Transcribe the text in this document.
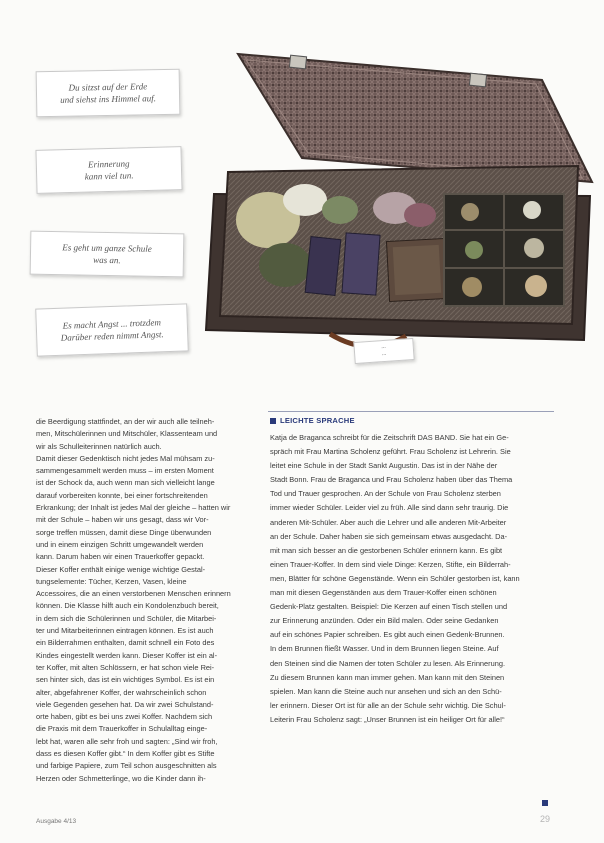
Du sitzst auf der Erde
und siehst ins Himmel auf.
Erinnerung
kann viel tun.
Es geht um ganze Schule
was an.
Es macht Angst ... trotzdem
Darüber reden nimmt Angst.
...
...
die Beerdigung stattfindet, an der wir auch alle teilneh-
men, Mitschülerinnen und Mitschüler, Klassenteam und
wir als Schulleiterinnen natürlich auch.
Damit dieser Gedenktisch nicht jedes Mal mühsam zu-
sammengesammelt werden muss – im ersten Moment
ist der Schock da, auch wenn man sich vielleicht lange
darauf vorbereiten konnte, bei einer fortschreitenden
Erkrankung; der Inhalt ist jedes Mal der gleiche – hatten wir
mit der Schule – haben wir uns gesagt, dass wir Vor-
sorge treffen müssen, damit diese Dinge überwunden
und in einem einzigen Schritt umgewandelt werden
kann. Darum haben wir einen Trauerkoffer gepackt.
Dieser Koffer enthält einige wenige wichtige Gestal-
tungselemente: Tücher, Kerzen, Vasen, kleine
Accessoires, die an einen verstorbenen Menschen erinnern
können. Die Klasse hilft auch ein Kondolenzbuch bereit,
in dem sich die Schülerinnen und Schüler, die Mitarbei-
ter und Mitarbeiterinnen eintragen können. Es ist auch
ein Bilderrahmen enthalten, damit schnell ein Foto des
Kindes eingestellt werden kann. Dieser Koffer ist ein al-
ter Koffer, mit alten Schlössern, er hat schon viele Rei-
sen hinter sich, das ist ein wichtiges Symbol. Es ist ein
alter, abgefahrener Koffer, der wahrscheinlich schon
viele Gegenden gesehen hat. Da wir zwei Schulstand-
orte haben, gibt es bei uns zwei Koffer. Nachdem sich
die Praxis mit dem Trauerkoffer in Schulalltag einge-
lebt hat, waren alle sehr froh und sagten: „Sind wir froh,
dass es diesen Koffer gibt.“ In dem Koffer gibt es Stifte
und farbige Papiere, zum Teil schon ausgeschnitten als
Herzen oder Schmetterlinge, wo die Kinder dann ih-
LEICHTE SPRACHE
Katja de Braganca schreibt für die Zeitschrift DAS BAND. Sie hat ein Ge-
spräch mit Frau Martina Scholenz geführt. Frau Scholenz ist Lehrerin. Sie
leitet eine Schule in der Stadt Sankt Augustin. Das ist in der Nähe der
Stadt Bonn. Frau de Braganca und Frau Scholenz haben über das Thema
Tod und Trauer gesprochen. An der Schule von Frau Scholenz sterben
immer wieder Schüler. Leider viel zu früh. Alle sind dann sehr traurig. Die
anderen Mit-Schüler. Aber auch die Lehrer und alle anderen Mit-Arbeiter
an der Schule. Daher haben sie sich gemeinsam etwas ausgedacht. Da-
mit man sich besser an die gestorbenen Schüler erinnern kann. Es gibt
einen Trauer-Koffer. In dem sind viele Dinge: Kerzen, Stifte, ein Bilderrah-
men, Blätter für schöne Gegenstände. Wenn ein Schüler gestorben ist, kann
man mit diesen Gegenständen aus dem Trauer-Koffer einen schönen
Gedenk-Platz gestalten. Beispiel: Die Kerzen auf einen Tisch stellen und
zur Erinnerung anzünden. Oder ein Bild malen. Oder seine Gedanken
auf ein schönes Papier schreiben. Es gibt auch einen Gedenk-Brunnen.
In dem Brunnen fließt Wasser. Und in dem Brunnen liegen Steine. Auf
den Steinen sind die Namen der toten Schüler zu lesen. Als Erinnerung.
Zu diesem Brunnen kann man immer gehen. Man kann mit den Steinen
spielen. Man kann die Steine auch nur ansehen und sich an den Schü-
ler erinnern. Dieser Ort ist für alle an der Schule sehr wichtig. Die Schul-
Leiterin Frau Scholenz sagt: „Unser Brunnen ist ein heiliger Ort für alle!“
Ausgabe 4/13	29
